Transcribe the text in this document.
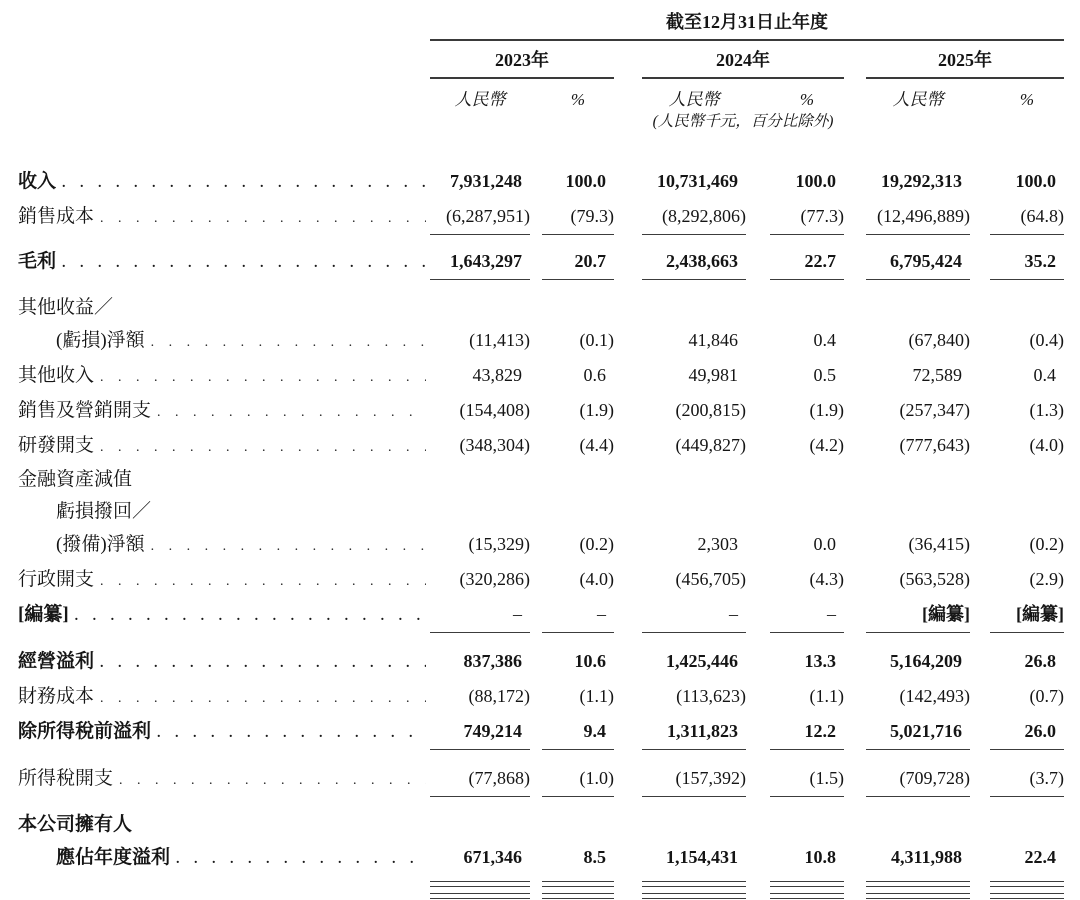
截至12月31日止年度
2023年	2024年	2025年
人民幣	%	人民幣	%	人民幣	%
(人民幣千元，百分比除外)
收入 . . .	7,931,248	100.0	10,731,469	100.0	19,292,313	100.0
銷售成本 . . .	(6,287,951)	(79.3)	(8,292,806)	(77.3)	(12,496,889)	(64.8)
毛利 . . .	1,643,297	20.7	2,438,663	22.7	6,795,424	35.2
其他收益／
(虧損)淨額 . . .	(11,413)	(0.1)	41,846	0.4	(67,840)	(0.4)
其他收入 . . .	43,829	0.6	49,981	0.5	72,589	0.4
銷售及營銷開支 . . .	(154,408)	(1.9)	(200,815)	(1.9)	(257,347)	(1.3)
研發開支 . . .	(348,304)	(4.4)	(449,827)	(4.2)	(777,643)	(4.0)
金融資產減值
虧損撥回／
(撥備)淨額 . . .	(15,329)	(0.2)	2,303	0.0	(36,415)	(0.2)
行政開支 . . .	(320,286)	(4.0)	(456,705)	(4.3)	(563,528)	(2.9)
[編纂] . . .	–	–	–	–	[編纂]	[編纂]
經營溢利 . . .	837,386	10.6	1,425,446	13.3	5,164,209	26.8
財務成本 . . .	(88,172)	(1.1)	(113,623)	(1.1)	(142,493)	(0.7)
除所得稅前溢利 . . .	749,214	9.4	1,311,823	12.2	5,021,716	26.0
所得稅開支 . . .	(77,868)	(1.0)	(157,392)	(1.5)	(709,728)	(3.7)
本公司擁有人
應佔年度溢利 . . .	671,346	8.5	1,154,431	10.8	4,311,988	22.4
